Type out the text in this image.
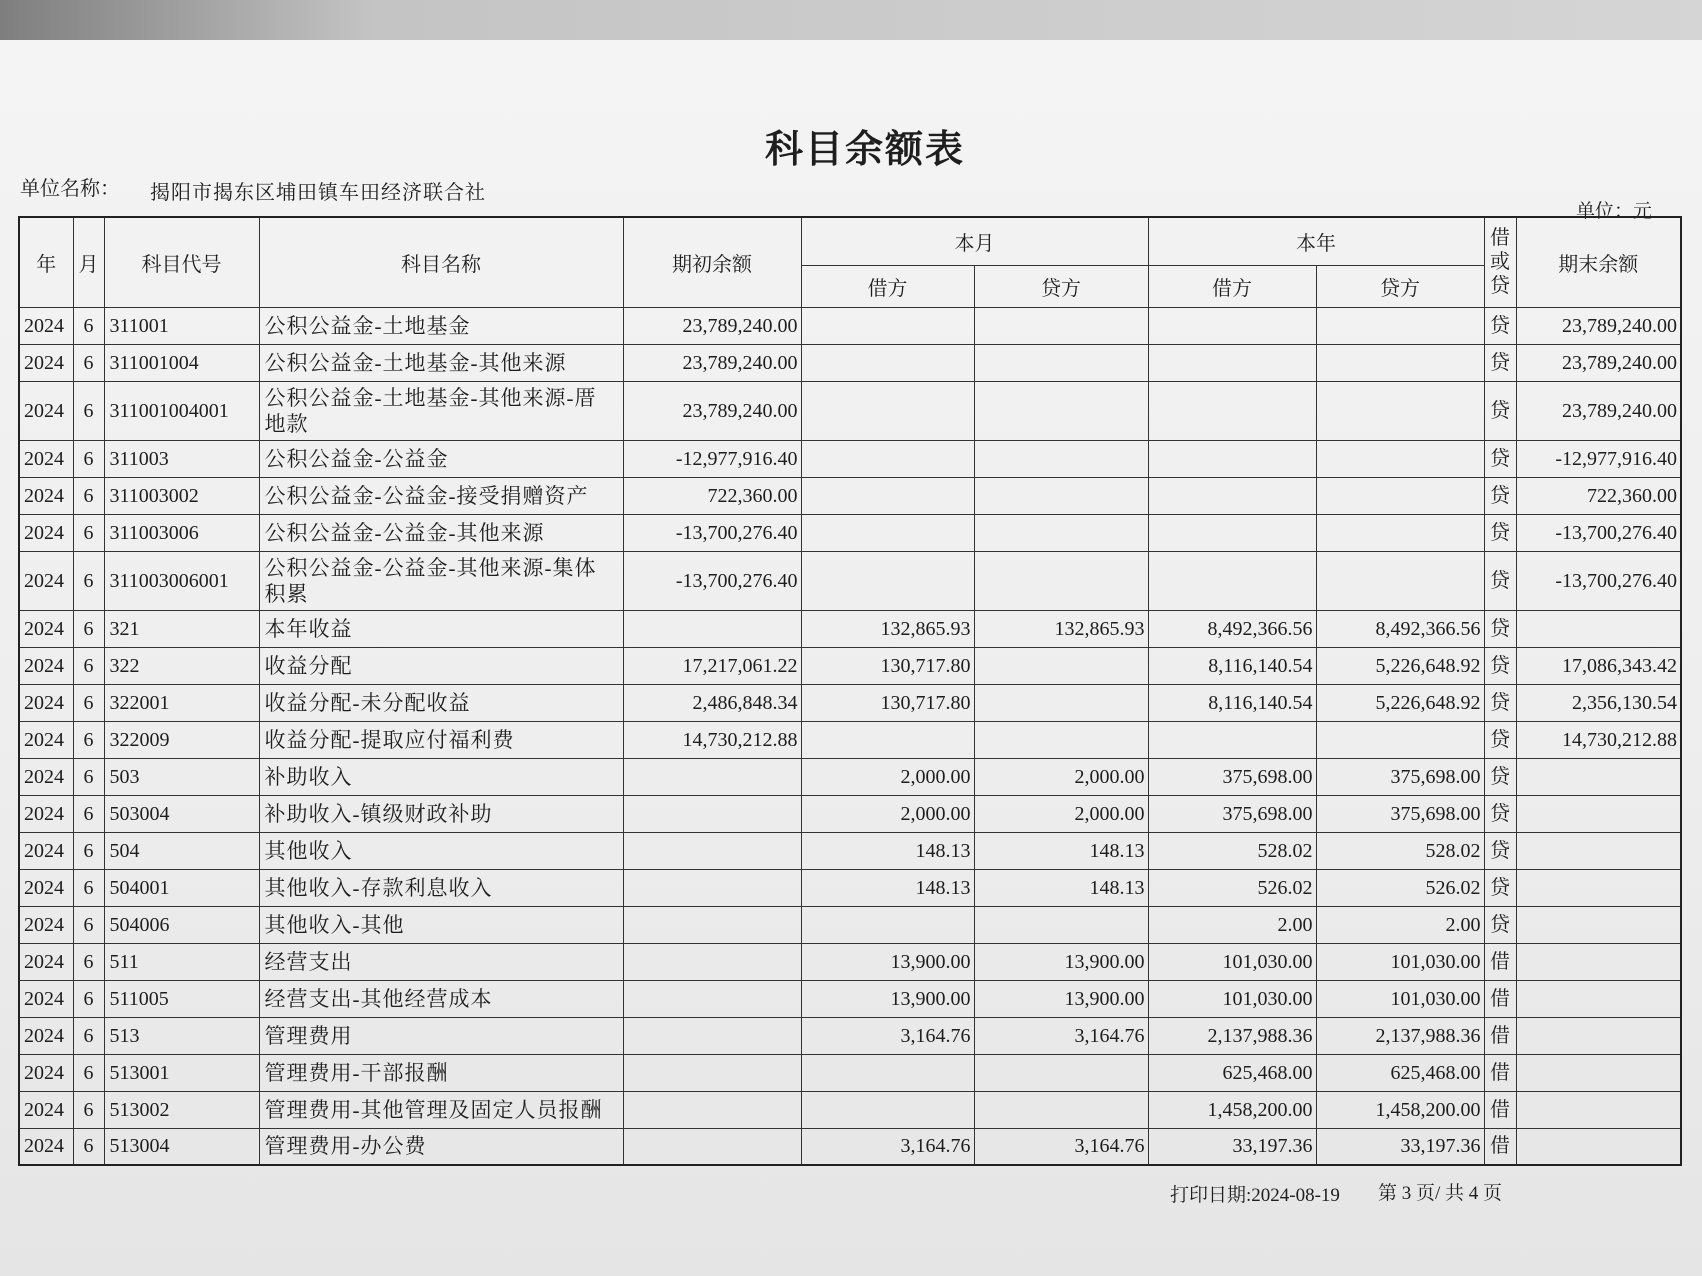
科目余额表
单位名称： 揭阳市揭东区埔田镇车田经济联合社
单位：元
年	月	科目代号	科目名称	期初余额	本月		本年		借或贷	期末余额
					借方	贷方	借方	贷方		
2024	6	311001	公积公益金-土地基金	23,789,240.00					贷	23,789,240.00
2024	6	311001004	公积公益金-土地基金-其他来源	23,789,240.00					贷	23,789,240.00
2024	6	311001004001	公积公益金-土地基金-其他来源-厝地款	23,789,240.00					贷	23,789,240.00
2024	6	311003	公积公益金-公益金	-12,977,916.40					贷	-12,977,916.40
2024	6	311003002	公积公益金-公益金-接受捐赠资产	722,360.00					贷	722,360.00
2024	6	311003006	公积公益金-公益金-其他来源	-13,700,276.40					贷	-13,700,276.40
2024	6	311003006001	公积公益金-公益金-其他来源-集体积累	-13,700,276.40					贷	-13,700,276.40
2024	6	321	本年收益		132,865.93	132,865.93	8,492,366.56	8,492,366.56	贷	
2024	6	322	收益分配	17,217,061.22	130,717.80		8,116,140.54	5,226,648.92	贷	17,086,343.42
2024	6	322001	收益分配-未分配收益	2,486,848.34	130,717.80		8,116,140.54	5,226,648.92	贷	2,356,130.54
2024	6	322009	收益分配-提取应付福利费	14,730,212.88					贷	14,730,212.88
2024	6	503	补助收入		2,000.00	2,000.00	375,698.00	375,698.00	贷	
2024	6	503004	补助收入-镇级财政补助		2,000.00	2,000.00	375,698.00	375,698.00	贷	
2024	6	504	其他收入		148.13	148.13	528.02	528.02	贷	
2024	6	504001	其他收入-存款利息收入		148.13	148.13	526.02	526.02	贷	
2024	6	504006	其他收入-其他				2.00	2.00	贷	
2024	6	511	经营支出		13,900.00	13,900.00	101,030.00	101,030.00	借	
2024	6	511005	经营支出-其他经营成本		13,900.00	13,900.00	101,030.00	101,030.00	借	
2024	6	513	管理费用		3,164.76	3,164.76	2,137,988.36	2,137,988.36	借	
2024	6	513001	管理费用-干部报酬				625,468.00	625,468.00	借	
2024	6	513002	管理费用-其他管理及固定人员报酬				1,458,200.00	1,458,200.00	借	
2024	6	513004	管理费用-办公费		3,164.76	3,164.76	33,197.36	33,197.36	借	
打印日期:2024-08-19 第 3 页/ 共 4 页
